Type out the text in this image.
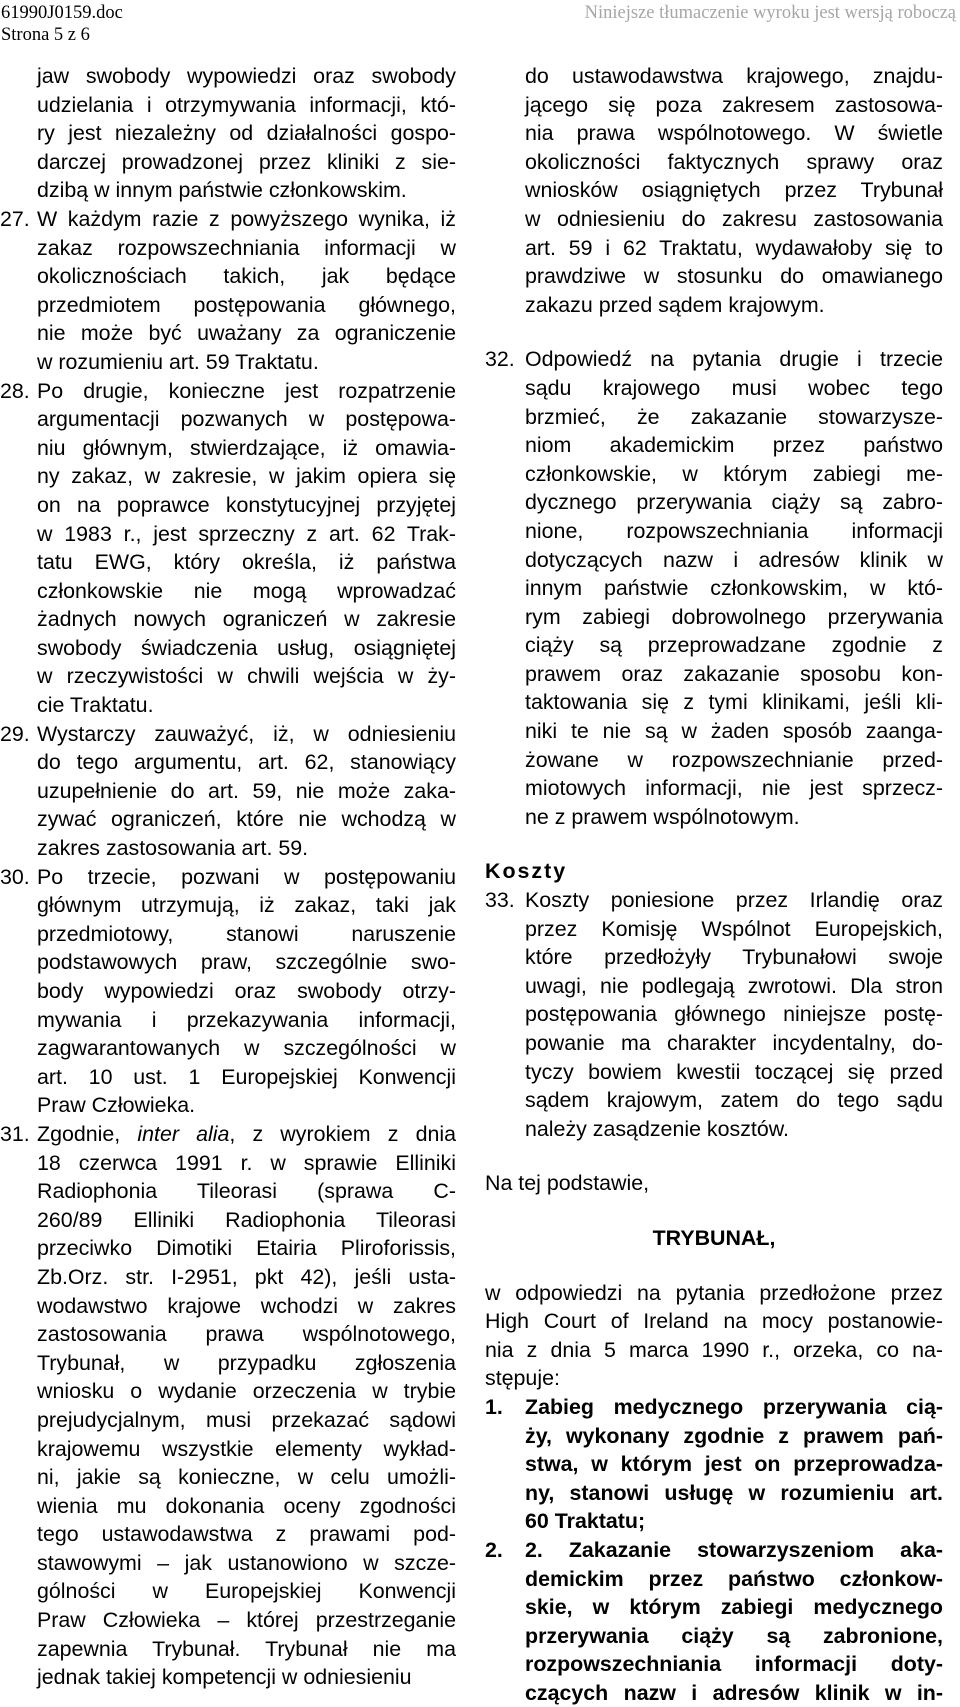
61990J0159.doc
Strona 5 z 6
Niniejsze tłumaczenie wyroku jest wersją roboczą
jaw swobody wypowiedzi oraz swobody
udzielania i otrzymywania informacji, któ-
ry jest niezależny od działalności gospo-
darczej prowadzonej przez kliniki z sie-
dzibą w innym państwie członkowskim.
27. W każdym razie z powyższego wynika, iż
zakaz rozpowszechniania informacji w
okolicznościach takich, jak będące
przedmiotem postępowania głównego,
nie może być uważany za ograniczenie
w rozumieniu art. 59 Traktatu.
28. Po drugie, konieczne jest rozpatrzenie
argumentacji pozwanych w postępowa-
niu głównym, stwierdzające, iż omawia-
ny zakaz, w zakresie, w jakim opiera się
on na poprawce konstytucyjnej przyjętej
w 1983 r., jest sprzeczny z art. 62 Trak-
tatu EWG, który określa, iż państwa
członkowskie nie mogą wprowadzać
żadnych nowych ograniczeń w zakresie
swobody świadczenia usług, osiągniętej
w rzeczywistości w chwili wejścia w ży-
cie Traktatu.
29. Wystarczy zauważyć, iż, w odniesieniu
do tego argumentu, art. 62, stanowiący
uzupełnienie do art. 59, nie może zaka-
zywać ograniczeń, które nie wchodzą w
zakres zastosowania art. 59.
30. Po trzecie, pozwani w postępowaniu
głównym utrzymują, iż zakaz, taki jak
przedmiotowy, stanowi naruszenie
podstawowych praw, szczególnie swo-
body wypowiedzi oraz swobody otrzy-
mywania i przekazywania informacji,
zagwarantowanych w szczególności w
art. 10 ust. 1 Europejskiej Konwencji
Praw Człowieka.
31. Zgodnie, inter alia, z wyrokiem z dnia
18 czerwca 1991 r. w sprawie Elliniki
Radiophonia Tileorasi (sprawa C-
260/89 Elliniki Radiophonia Tileorasi
przeciwko Dimotiki Etairia Pliroforissis,
Zb.Orz. str. I-2951, pkt 42), jeśli usta-
wodawstwo krajowe wchodzi w zakres
zastosowania prawa wspólnotowego,
Trybunał, w przypadku zgłoszenia
wniosku o wydanie orzeczenia w trybie
prejudycjalnym, musi przekazać sądowi
krajowemu wszystkie elementy wykład-
ni, jakie są konieczne, w celu umożli-
wienia mu dokonania oceny zgodności
tego ustawodawstwa z prawami pod-
stawowymi – jak ustanowiono w szcze-
gólności w Europejskiej Konwencji
Praw Człowieka – której przestrzeganie
zapewnia Trybunał. Trybunał nie ma
jednak takiej kompetencji w odniesieniu
do ustawodawstwa krajowego, znajdu-
jącego się poza zakresem zastosowa-
nia prawa wspólnotowego. W świetle
okoliczności faktycznych sprawy oraz
wniosków osiągniętych przez Trybunał
w odniesieniu do zakresu zastosowania
art. 59 i 62 Traktatu, wydawałoby się to
prawdziwe w stosunku do omawianego
zakazu przed sądem krajowym.
32. Odpowiedź na pytania drugie i trzecie
sądu krajowego musi wobec tego
brzmieć, że zakazanie stowarzysze-
niom akademickim przez państwo
członkowskie, w którym zabiegi me-
dycznego przerywania ciąży są zabro-
nione, rozpowszechniania informacji
dotyczących nazw i adresów klinik w
innym państwie członkowskim, w któ-
rym zabiegi dobrowolnego przerywania
ciąży są przeprowadzane zgodnie z
prawem oraz zakazanie sposobu kon-
taktowania się z tymi klinikami, jeśli kli-
niki te nie są w żaden sposób zaanga-
żowane w rozpowszechnianie przed-
miotowych informacji, nie jest sprzecz-
ne z prawem wspólnotowym.
Koszty
33. Koszty poniesione przez Irlandię oraz
przez Komisję Wspólnot Europejskich,
które przedłożyły Trybunałowi swoje
uwagi, nie podlegają zwrotowi. Dla stron
postępowania głównego niniejsze postę-
powanie ma charakter incydentalny, do-
tyczy bowiem kwestii toczącej się przed
sądem krajowym, zatem do tego sądu
należy zasądzenie kosztów.
Na tej podstawie,
TRYBUNAŁ,
w odpowiedzi na pytania przedłożone przez
High Court of Ireland na mocy postanowie-
nia z dnia 5 marca 1990 r., orzeka, co na-
stępuje:
1.	Zabieg medycznego przerywania cią-
ży, wykonany zgodnie z prawem pań-
stwa, w którym jest on przeprowadza-
ny, stanowi usługę w rozumieniu art.
60 Traktatu;
2.	2. Zakazanie stowarzyszeniom aka-
demickim przez państwo członkow-
skie, w którym zabiegi medycznego
przerywania ciąży są zabronione,
rozpowszechniania informacji doty-
czących nazw i adresów klinik w in-
